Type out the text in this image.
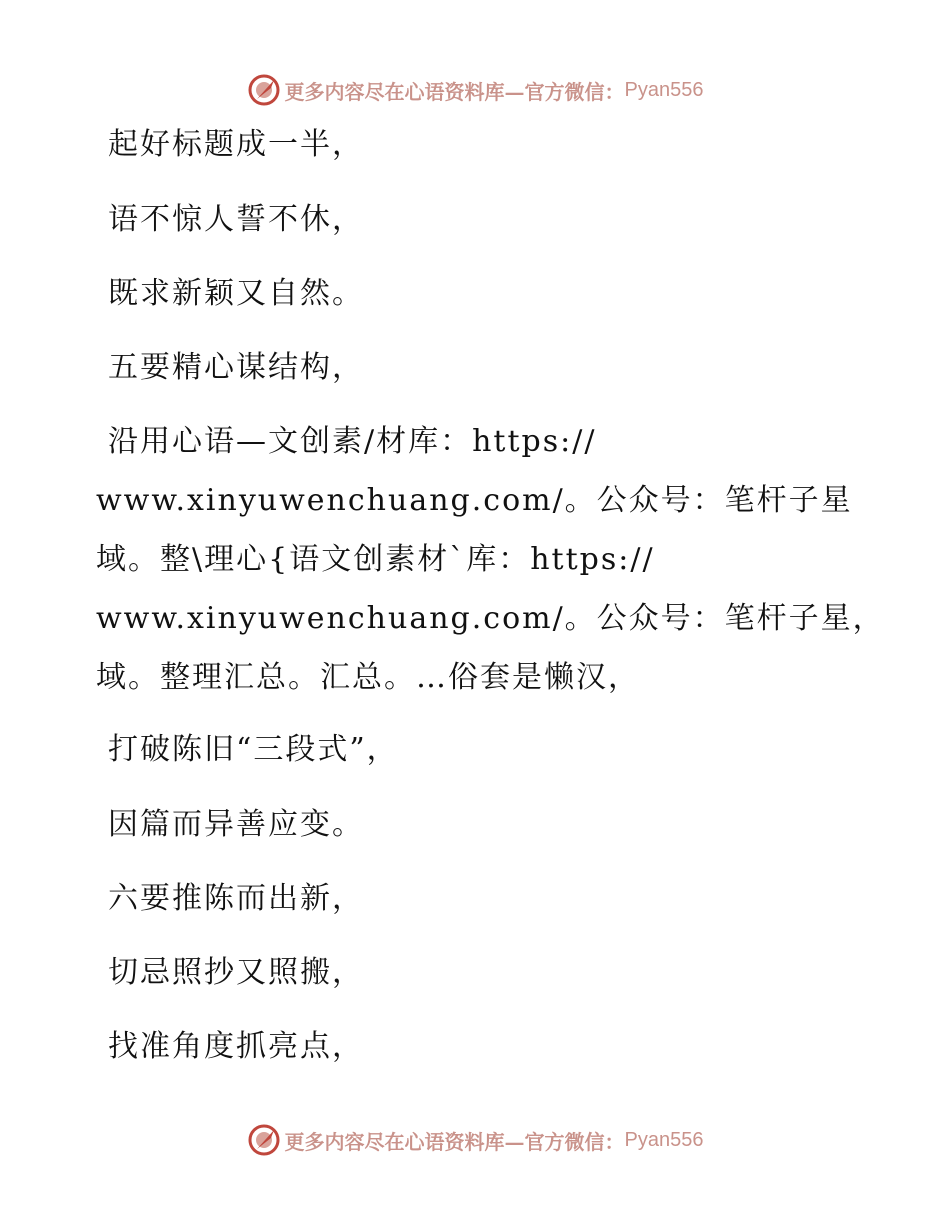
更多内容尽在心语资料库—官方微信： Pyan556
起好标题成一半，
语不惊人誓不休，
既求新颖又自然。
五要精心谋结构，
沿用心语—文创素/材库：https://
www.xinyuwenchuang.com/。公众号：笔杆子星
域。整\理心{语文创素材`库：https://
www.xinyuwenchuang.com/。公众号：笔杆子星，
域。整理汇总。汇总。…俗套是懒汉，
打破陈旧“三段式”，
因篇而异善应变。
六要推陈而出新，
切忌照抄又照搬，
找准角度抓亮点，
更多内容尽在心语资料库—官方微信： Pyan556
